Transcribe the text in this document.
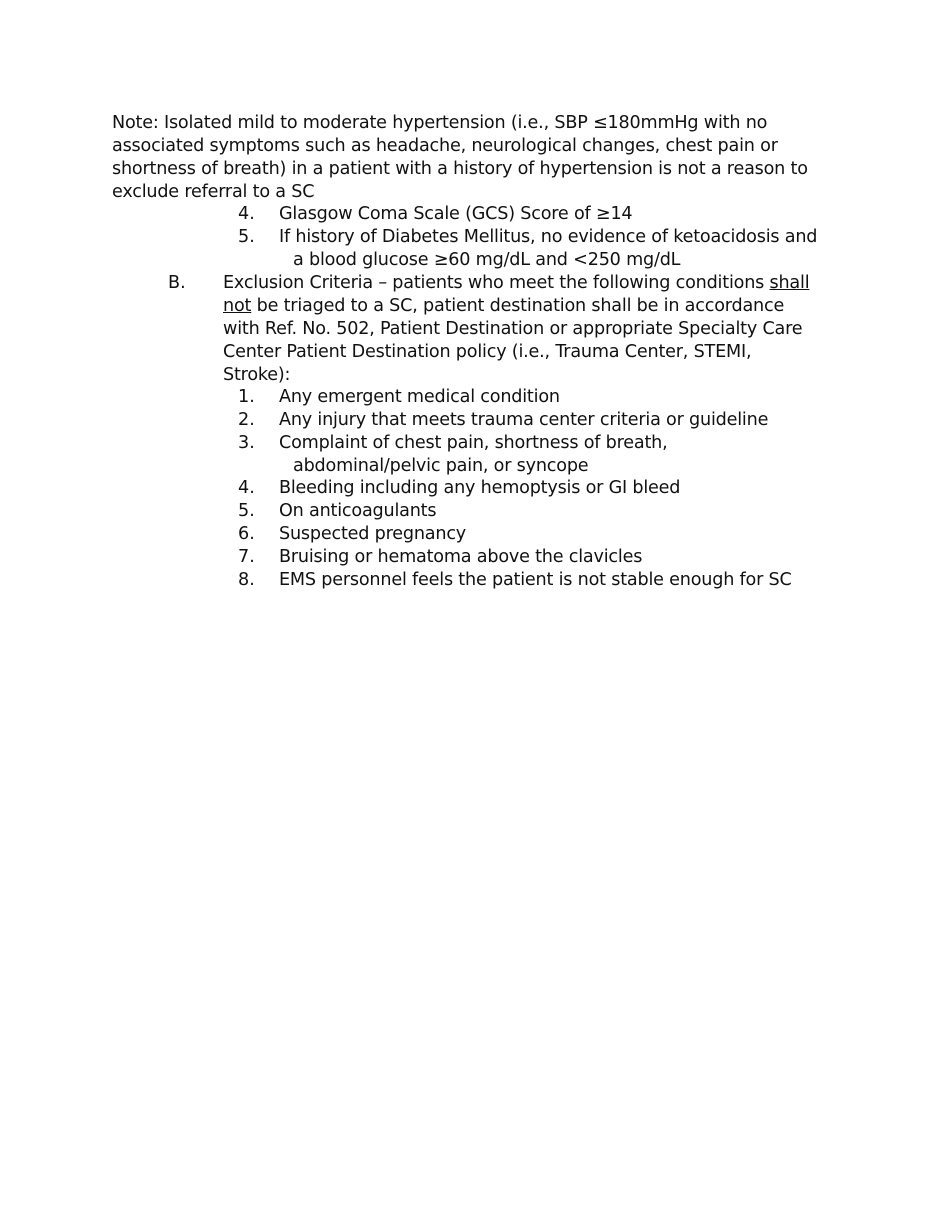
Note: Isolated mild to moderate hypertension (i.e., SBP ≤180mmHg with no
associated symptoms such as headache, neurological changes, chest pain or
shortness of breath) in a patient with a history of hypertension is not a reason to
exclude referral to a SC
4.	Glasgow Coma Scale (GCS) Score of ≥14
5.	If history of Diabetes Mellitus, no evidence of ketoacidosis and
a blood glucose ≥60 mg/dL and <250 mg/dL
B.	Exclusion Criteria – patients who meet the following conditions shall
not be triaged to a SC, patient destination shall be in accordance
with Ref. No. 502, Patient Destination or appropriate Specialty Care
Center Patient Destination policy (i.e., Trauma Center, STEMI,
Stroke):
1.	Any emergent medical condition
2.	Any injury that meets trauma center criteria or guideline
3.	Complaint of chest pain, shortness of breath,
abdominal/pelvic pain, or syncope
4.	Bleeding including any hemoptysis or GI bleed
5.	On anticoagulants
6.	Suspected pregnancy
7.	Bruising or hematoma above the clavicles
8.	EMS personnel feels the patient is not stable enough for SC
